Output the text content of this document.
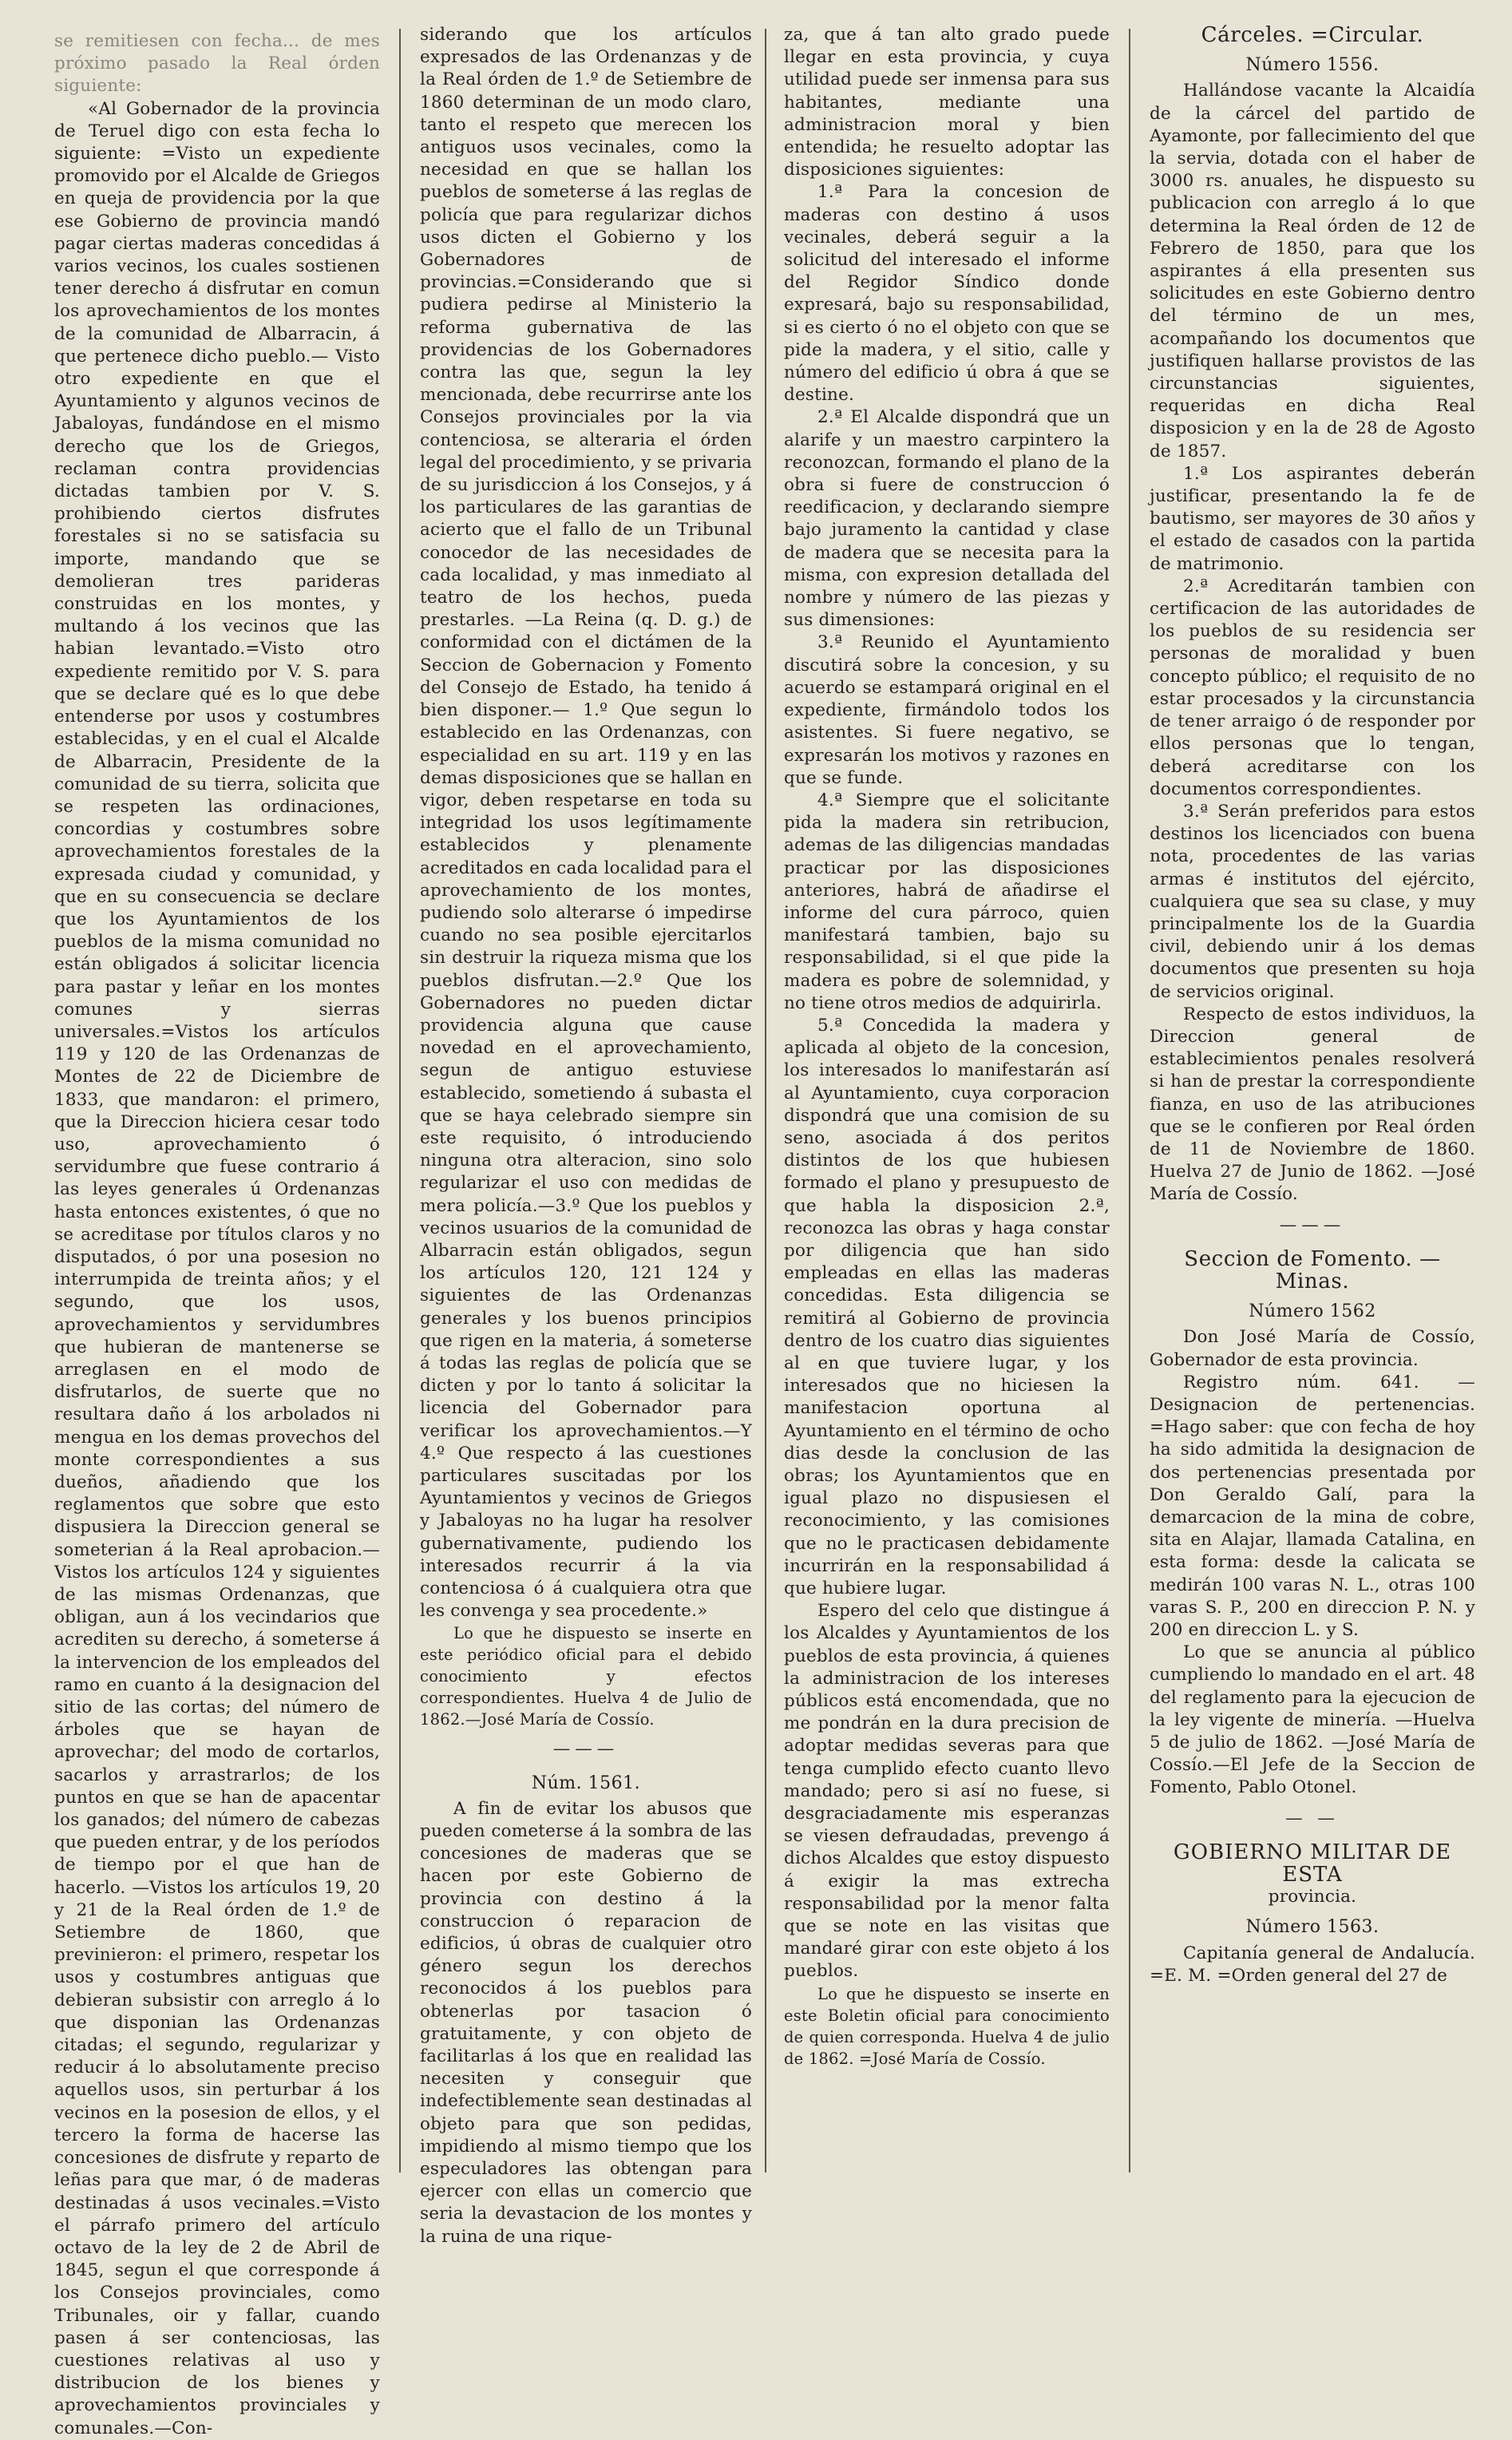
se remitiesen con fecha... de mes próximo pasado la Real órden siguiente:

«Al Gobernador de la provincia de Teruel digo con esta fecha lo siguiente: =Visto un expediente promovido por el Alcalde de Griegos en queja de providencia por la que ese Gobierno de provincia mandó pagar ciertas maderas concedidas á varios vecinos, los cuales sostienen tener derecho á disfrutar en comun los aprovechamientos de los montes de la comunidad de Albarracin, á que pertenece dicho pueblo.— Visto otro expediente en que el Ayuntamiento y algunos vecinos de Jabaloyas, fundándose en el mismo derecho que los de Griegos, reclaman contra providencias dictadas tambien por V. S. prohibiendo ciertos disfrutes forestales si no se satisfacia su importe, mandando que se demolieran tres parideras construidas en los montes, y multando á los vecinos que las habian levantado.=Visto otro expediente remitido por V. S. para que se declare qué es lo que debe entenderse por usos y costumbres establecidas, y en el cual el Alcalde de Albarracin, Presidente de la comunidad de su tierra, solicita que se respeten las ordinaciones, concordias y costumbres sobre aprovechamientos forestales de la expresada ciudad y comunidad, y que en su consecuencia se declare que los Ayuntamientos de los pueblos de la misma comunidad no están obligados á solicitar licencia para pastar y leñar en los montes comunes y sierras universales.=Vistos los artículos 119 y 120 de las Ordenanzas de Montes de 22 de Diciembre de 1833, que mandaron: el primero, que la Direccion hiciera cesar todo uso, aprovechamiento ó servidumbre que fuese contrario á las leyes generales ú Ordenanzas hasta entonces existentes, ó que no se acreditase por títulos claros y no disputados, ó por una posesion no interrumpida de treinta años; y el segundo, que los usos, aprovechamientos y servidumbres que hubieran de mantenerse se arreglasen en el modo de disfrutarlos, de suerte que no resultara daño á los arbolados ni mengua en los demas provechos del monte correspondientes a sus dueños, añadiendo que los reglamentos que sobre que esto dispusiera la Direccion general se someterian á la Real aprobacion.— Vistos los artículos 124 y siguientes de las mismas Ordenanzas, que obligan, aun á los vecindarios que acrediten su derecho, á someterse á la intervencion de los empleados del ramo en cuanto á la designacion del sitio de las cortas; del número de árboles que se hayan de aprovechar; del modo de cortarlos, sacarlos y arrastrarlos; de los puntos en que se han de apacentar los ganados; del número de cabezas que pueden entrar, y de los períodos de tiempo por el que han de hacerlo. —Vistos los artículos 19, 20 y 21 de la Real órden de 1.º de Setiembre de 1860, que previnieron: el primero, respetar los usos y costumbres antiguas que debieran subsistir con arreglo á lo que disponian las Ordenanzas citadas; el segundo, regularizar y reducir á lo absolutamente preciso aquellos usos, sin perturbar á los vecinos en la posesion de ellos, y el tercero la forma de hacerse las concesiones de disfrute y reparto de leñas para que mar, ó de maderas destinadas á usos vecinales.=Visto el párrafo primero del artículo octavo de la ley de 2 de Abril de 1845, segun el que corresponde á los Consejos provinciales, como Tribunales, oir y fallar, cuando pasen á ser contenciosas, las cuestiones relativas al uso y distribucion de los bienes y aprovechamientos provinciales y comunales.—Con-

siderando que los artículos expresados de las Ordenanzas y de la Real órden de 1.º de Setiembre de 1860 determinan de un modo claro, tanto el respeto que merecen los antiguos usos vecinales, como la necesidad en que se hallan los pueblos de someterse á las reglas de policía que para regularizar dichos usos dicten el Gobierno y los Gobernadores de provincias.=Considerando que si pudiera pedirse al Ministerio la reforma gubernativa de las providencias de los Gobernadores contra las que, segun la ley mencionada, debe recurrirse ante los Consejos provinciales por la via contenciosa, se alteraria el órden legal del procedimiento, y se privaria de su jurisdiccion á los Consejos, y á los particulares de las garantias de acierto que el fallo de un Tribunal conocedor de las necesidades de cada localidad, y mas inmediato al teatro de los hechos, pueda prestarles. —La Reina (q. D. g.) de conformidad con el dictámen de la Seccion de Gobernacion y Fomento del Consejo de Estado, ha tenido á bien disponer.— 1.º Que segun lo establecido en las Ordenanzas, con especialidad en su art. 119 y en las demas disposiciones que se hallan en vigor, deben respetarse en toda su integridad los usos legítimamente establecidos y plenamente acreditados en cada localidad para el aprovechamiento de los montes, pudiendo solo alterarse ó impedirse cuando no sea posible ejercitarlos sin destruir la riqueza misma que los pueblos disfrutan.—2.º Que los Gobernadores no pueden dictar providencia alguna que cause novedad en el aprovechamiento, segun de antiguo estuviese establecido, sometiendo á subasta el que se haya celebrado siempre sin este requisito, ó introduciendo ninguna otra alteracion, sino solo regularizar el uso con medidas de mera policía.—3.º Que los pueblos y vecinos usuarios de la comunidad de Albarracin están obligados, segun los artículos 120, 121 124 y siguientes de las Ordenanzas generales y los buenos principios que rigen en la materia, á someterse á todas las reglas de policía que se dicten y por lo tanto á solicitar la licencia del Gobernador para verificar los aprovechamientos.—Y 4.º Que respecto á las cuestiones particulares suscitadas por los Ayuntamientos y vecinos de Griegos y Jabaloyas no ha lugar ha resolver gubernativamente, pudiendo los interesados recurrir á la via contenciosa ó á cualquiera otra que les convenga y sea procedente.»

Lo que he dispuesto se inserte en este periódico oficial para el debido conocimiento y efectos correspondientes. Huelva 4 de Julio de 1862.—José María de Cossío.

———

Núm. 1561.

A fin de evitar los abusos que pueden cometerse á la sombra de las concesiones de maderas que se hacen por este Gobierno de provincia con destino á la construccion ó reparacion de edificios, ú obras de cualquier otro género segun los derechos reconocidos á los pueblos para obtenerlas por tasacion ó gratuitamente, y con objeto de facilitarlas á los que en realidad las necesiten y conseguir que indefectiblemente sean destinadas al objeto para que son pedidas, impidiendo al mismo tiempo que los especuladores las obtengan para ejercer con ellas un comercio que seria la devastacion de los montes y la ruina de una rique-

za, que á tan alto grado puede llegar en esta provincia, y cuya utilidad puede ser inmensa para sus habitantes, mediante una administracion moral y bien entendida; he resuelto adoptar las disposiciones siguientes:

1.ª Para la concesion de maderas con destino á usos vecinales, deberá seguir a la solicitud del interesado el informe del Regidor Síndico donde expresará, bajo su responsabilidad, si es cierto ó no el objeto con que se pide la madera, y el sitio, calle y número del edificio ú obra á que se destine.

2.ª El Alcalde dispondrá que un alarife y un maestro carpintero la reconozcan, formando el plano de la obra si fuere de construccion ó reedificacion, y declarando siempre bajo juramento la cantidad y clase de madera que se necesita para la misma, con expresion detallada del nombre y número de las piezas y sus dimensiones:

3.ª Reunido el Ayuntamiento discutirá sobre la concesion, y su acuerdo se estampará original en el expediente, firmándolo todos los asistentes. Si fuere negativo, se expresarán los motivos y razones en que se funde.

4.ª Siempre que el solicitante pida la madera sin retribucion, ademas de las diligencias mandadas practicar por las disposiciones anteriores, habrá de añadirse el informe del cura párroco, quien manifestará tambien, bajo su responsabilidad, si el que pide la madera es pobre de solemnidad, y no tiene otros medios de adquirirla.

5.ª Concedida la madera y aplicada al objeto de la concesion, los interesados lo manifestarán así al Ayuntamiento, cuya corporacion dispondrá que una comision de su seno, asociada á dos peritos distintos de los que hubiesen formado el plano y presupuesto de que habla la disposicion 2.ª, reconozca las obras y haga constar por diligencia que han sido empleadas en ellas las maderas concedidas. Esta diligencia se remitirá al Gobierno de provincia dentro de los cuatro dias siguientes al en que tuviere lugar, y los interesados que no hiciesen la manifestacion oportuna al Ayuntamiento en el término de ocho dias desde la conclusion de las obras; los Ayuntamientos que en igual plazo no dispusiesen el reconocimiento, y las comisiones que no le practicasen debidamente incurrirán en la responsabilidad á que hubiere lugar.

Espero del celo que distingue á los Alcaldes y Ayuntamientos de los pueblos de esta provincia, á quienes la administracion de los intereses públicos está encomendada, que no me pondrán en la dura precision de adoptar medidas severas para que tenga cumplido efecto cuanto llevo mandado; pero si así no fuese, si desgraciadamente mis esperanzas se viesen defraudadas, prevengo á dichos Alcaldes que estoy dispuesto á exigir la mas extrecha responsabilidad por la menor falta que se note en las visitas que mandaré girar con este objeto á los pueblos.

Lo que he dispuesto se inserte en este Boletin oficial para conocimiento de quien corresponda. Huelva 4 de julio de 1862. =José María de Cossío.

Cárceles. =Circular.

Número 1556.

Hallándose vacante la Alcaidía de la cárcel del partido de Ayamonte, por fallecimiento del que la servia, dotada con el haber de 3000 rs. anuales, he dispuesto su publicacion con arreglo á lo que determina la Real órden de 12 de Febrero de 1850, para que los aspirantes á ella presenten sus solicitudes en este Gobierno dentro del término de un mes, acompañando los documentos que justifiquen hallarse provistos de las circunstancias siguientes, requeridas en dicha Real disposicion y en la de 28 de Agosto de 1857.

1.ª Los aspirantes deberán justificar, presentando la fe de bautismo, ser mayores de 30 años y el estado de casados con la partida de matrimonio.

2.ª Acreditarán tambien con certificacion de las autoridades de los pueblos de su residencia ser personas de moralidad y buen concepto público; el requisito de no estar procesados y la circunstancia de tener arraigo ó de responder por ellos personas que lo tengan, deberá acreditarse con los documentos correspondientes.

3.ª Serán preferidos para estos destinos los licenciados con buena nota, procedentes de las varias armas é institutos del ejército, cualquiera que sea su clase, y muy principalmente los de la Guardia civil, debiendo unir á los demas documentos que presenten su hoja de servicios original.

Respecto de estos individuos, la Direccion general de establecimientos penales resolverá si han de prestar la correspondiente fianza, en uso de las atribuciones que se le confieren por Real órden de 11 de Noviembre de 1860. Huelva 27 de Junio de 1862. —José María de Cossío.

———

Seccion de Fomento. —Minas.

Número 1562

Don José María de Cossío, Gobernador de esta provincia.

Registro núm. 641. —Designacion de pertenencias. =Hago saber: que con fecha de hoy ha sido admitida la designacion de dos pertenencias presentada por Don Geraldo Galí, para la demarcacion de la mina de cobre, sita en Alajar, llamada Catalina, en esta forma: desde la calicata se medirán 100 varas N. L., otras 100 varas S. P., 200 en direccion P. N. y 200 en direccion L. y S.

Lo que se anuncia al público cumpliendo lo mandado en el art. 48 del reglamento para la ejecucion de la ley vigente de minería. —Huelva 5 de julio de 1862. —José María de Cossío.—El Jefe de la Seccion de Fomento, Pablo Otonel.

— —

GOBIERNO MILITAR DE ESTA

provincia.

Número 1563.

Capitanía general de Andalucía. =E. M. =Orden general del 27 de
